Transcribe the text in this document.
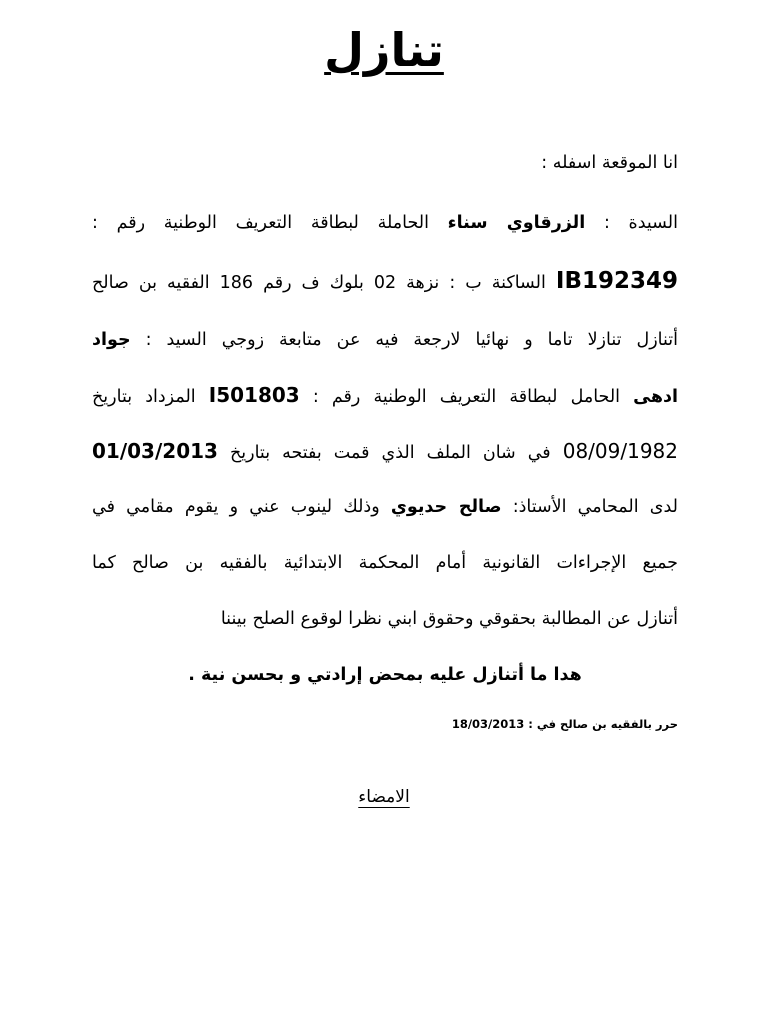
تنازل
انا الموقعة اسفله :
السيدة : الزرقاوي سناء الحاملة لبطاقة التعريف الوطنية رقم :
IB192349 الساكنة ب : نزهة 02 بلوك ف رقم 186 الفقيه بن صالح
أتنازل تنازلا تاما و نهائيا لارجعة فيه عن متابعة زوجي السيد : جواد
ادهى الحامل لبطاقة التعريف الوطنية رقم : I501803 المزداد بتاريخ
08/09/1982 في شان الملف الذي قمت بفتحه بتاريخ 01/03/2013
لدى المحامي الأستاذ: صالح حديوي وذلك لينوب عني و يقوم مقامي في
جميع الإجراءات القانونية أمام المحكمة الابتدائية بالفقيه بن صالح كما
أتنازل عن المطالبة بحقوقي وحقوق ابني نظرا لوقوع الصلح بيننا
هدا ما أتنازل عليه بمحض إرادتي و بحسن نية .
حرر بالفقيه بن صالح في : 18/03/2013
الامضاء
